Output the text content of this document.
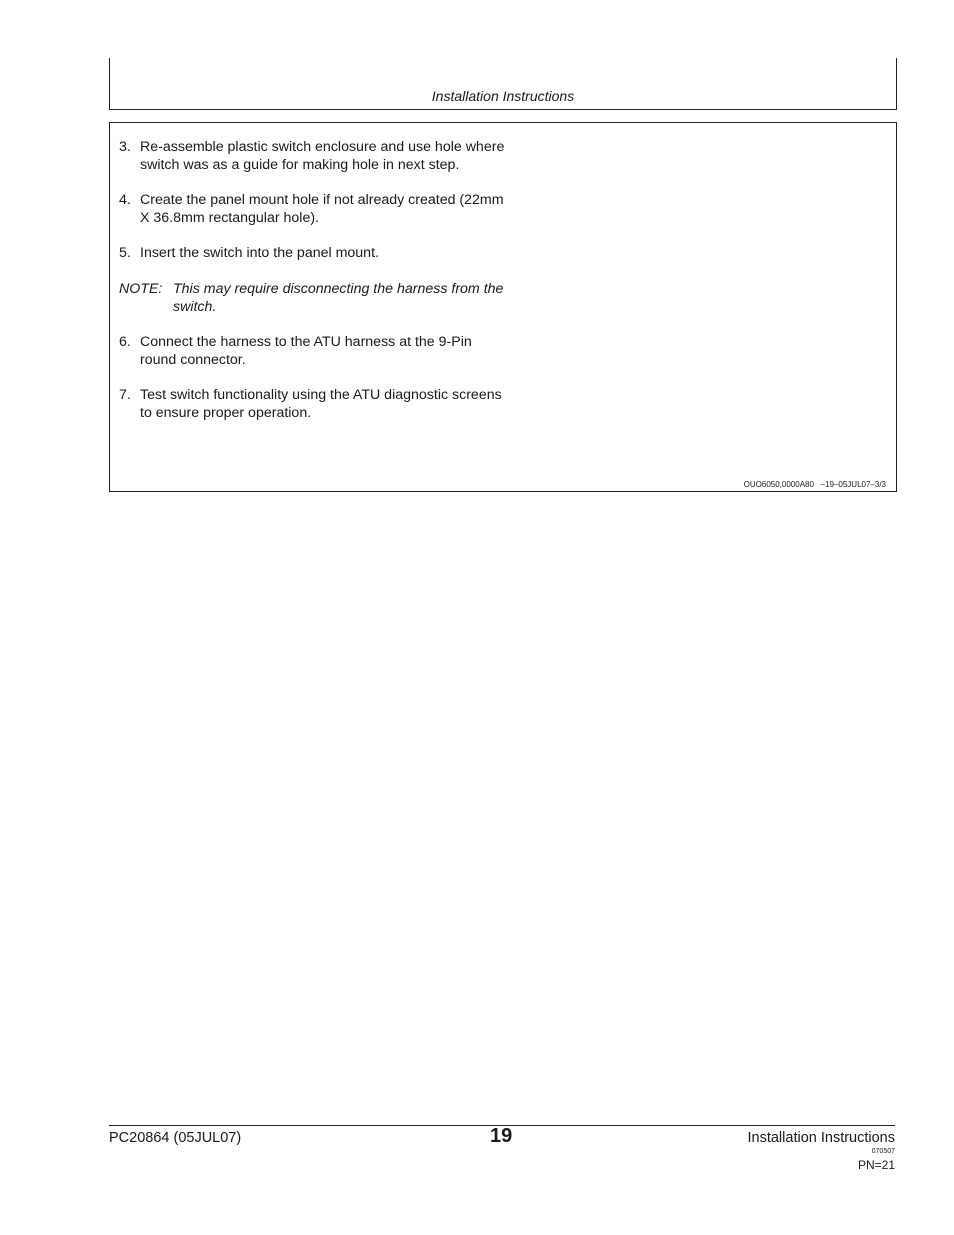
Installation Instructions
3. Re-assemble plastic switch enclosure and use hole where switch was as a guide for making hole in next step.
4. Create the panel mount hole if not already created (22mm X 36.8mm rectangular hole).
5. Insert the switch into the panel mount.
NOTE: This may require disconnecting the harness from the switch.
6. Connect the harness to the ATU harness at the 9-Pin round connector.
7. Test switch functionality using the ATU diagnostic screens to ensure proper operation.
OUO6050,0000A80   –19–05JUL07–3/3
PC20864 (05JUL07)	19	Installation Instructions
070507
PN=21
